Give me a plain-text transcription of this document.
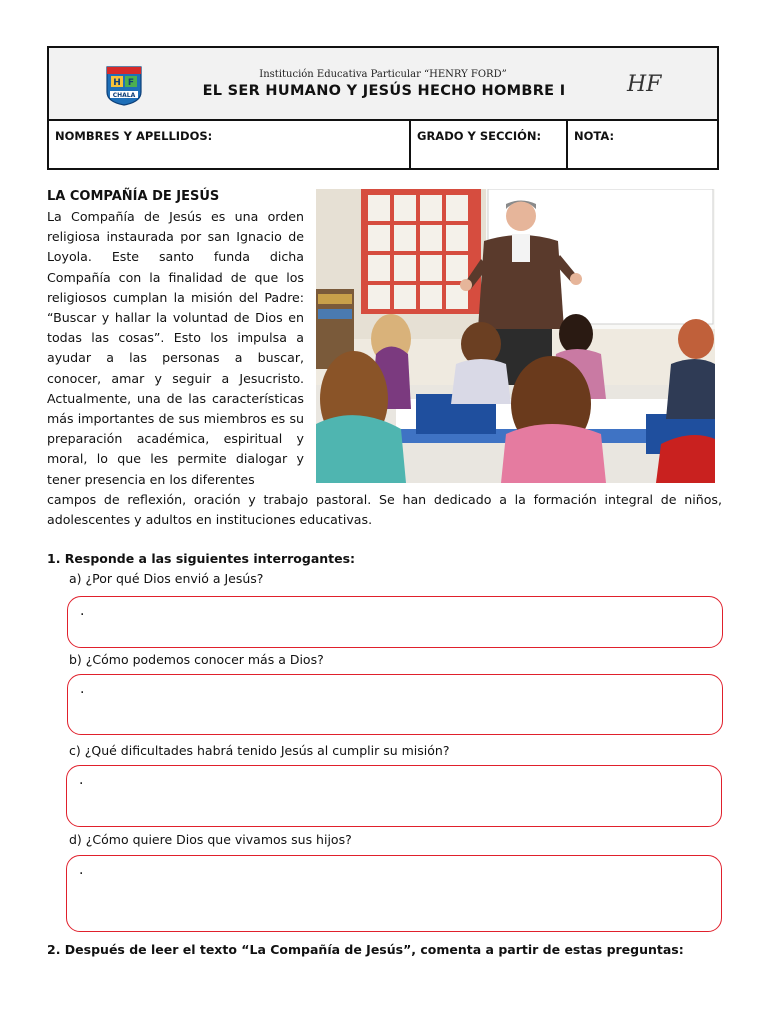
H F
CHALA
Institución Educativa Particular “HENRY FORD”
EL SER HUMANO Y JESÚS HECHO HOMBRE I	HF
NOMBRES Y APELLIDOS:	GRADO Y SECCIÓN:	NOTA:
LA COMPAÑÍA DE JESÚS
La Compañía de Jesús es una orden religiosa instaurada por san Ignacio de Loyola. Este santo funda dicha Compañía con la finalidad de que los religiosos cumplan la misión del Padre: “Buscar y hallar la voluntad de Dios en todas las cosas”. Esto los impulsa a ayudar a las personas a buscar, conocer, amar y seguir a Jesucristo. Actualmente, una de las características más importantes de sus miembros es su preparación académica, espiritual y moral, lo que les permite dialogar y tener presencia en los diferentes
campos de reflexión, oración y trabajo pastoral. Se han dedicado a la formación integral de niños, adolescentes y adultos en instituciones educativas.
1. Responde a las siguientes interrogantes:
a) ¿Por qué Dios envió a Jesús?
.
b) ¿Cómo podemos conocer más a Dios?
.
c) ¿Qué dificultades habrá tenido Jesús al cumplir su misión?
.
d) ¿Cómo quiere Dios que vivamos sus hijos?
.
2. Después de leer el texto “La Compañía de Jesús”, comenta a partir de estas preguntas:
